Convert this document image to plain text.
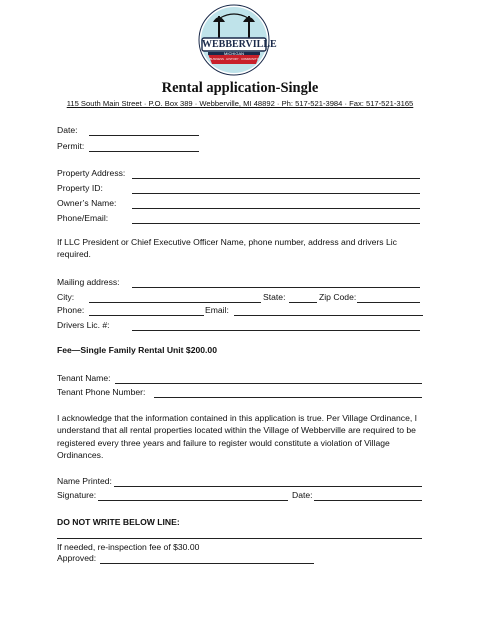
WEBBERVILLE
MICHIGAN
BUSINESS · HISTORY · COMMUNITY
Rental application-Single
115 South Main Street · P.O. Box 389 · Webberville, MI 48892 · Ph: 517-521-3984 · Fax: 517-521-3165
Date:
Permit:
Property Address:
Property ID:
Owner’s Name:
Phone/Email:
If LLC President or Chief Executive Officer Name, phone number, address and drivers Lic required.
Mailing address:
City:	State:	Zip Code:
Phone:	Email:
Drivers Lic. #:
Fee—Single Family Rental Unit $200.00
Tenant Name:
Tenant Phone Number:
I acknowledge that the information contained in this application is true. Per Village Ordinance, I understand that all rental properties located within the Village of Webberville are required to be registered every three years and failure to register would constitute a violation of Village Ordinances.
Name Printed:
Signature:	Date:
DO NOT WRITE BELOW LINE:
If needed, re-inspection fee of $30.00
Approved:
